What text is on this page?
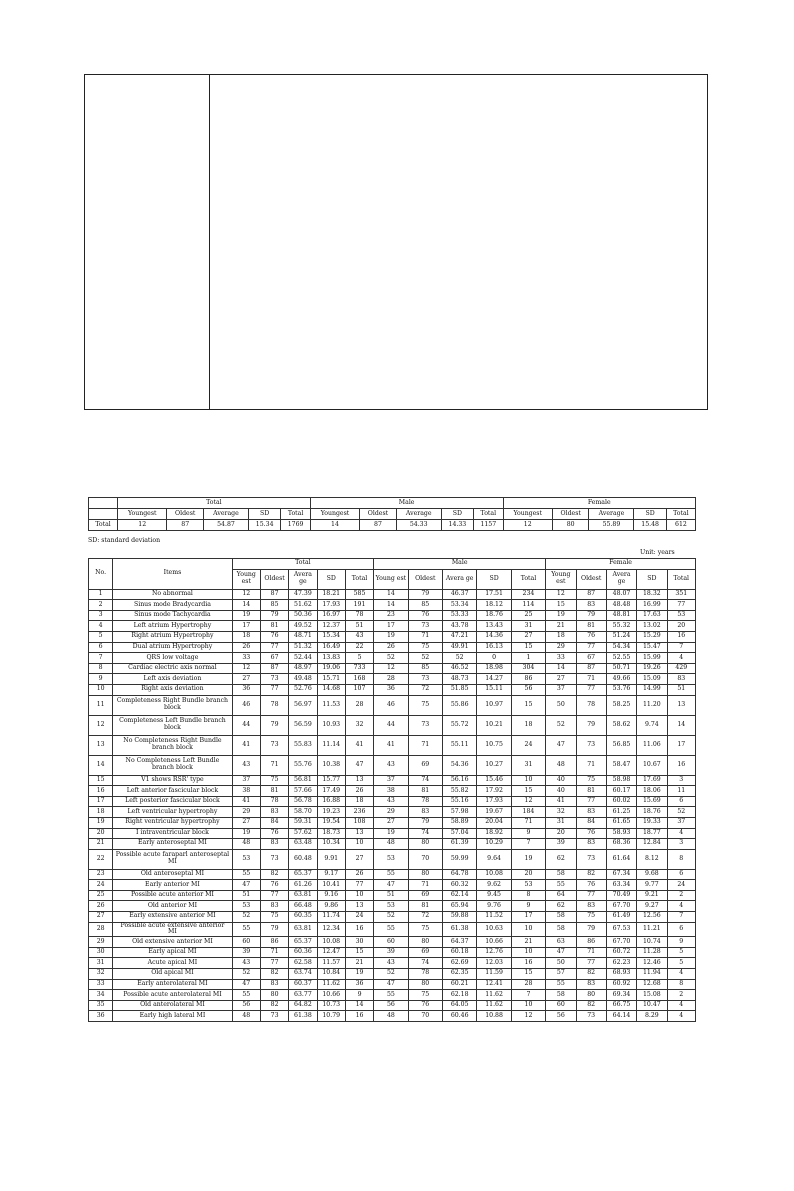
	Total					Male					Female				
	Youngest	Oldest	Average	SD	Total	Youngest	Oldest	Average	SD	Total	Youngest	Oldest	Average	SD	Total
Total	12	87	54.87	15.34	1769	14	87	54.33	14.33	1157	12	80	55.89	15.48	612
SD: standard deviation
Unit: years
No.	Items	Total					Male					Female				
		Young est	Oldest	Avera ge	SD	Total	Young est	Oldest	Avera ge	SD	Total	Young est	Oldest	Avera ge	SD	Total
1	No abnormal	12	87	47.39	18.21	585	14	79	46.37	17.51	234	12	87	48.07	18.32	351
2	Sinus mode Bradycardia	14	85	51.62	17.93	191	14	85	53.34	18.12	114	15	83	48.48	16.99	77
3	Sinus mode Tachycardia	19	79	50.36	16.97	78	23	76	53.33	18.76	25	19	79	48.81	17.63	53
4	Left atrium Hypertrophy	17	81	49.52	12.37	51	17	73	43.78	13.43	31	21	81	55.32	13.02	20
5	Right atrium Hypertrophy	18	76	48.71	15.34	43	19	71	47.21	14.36	27	18	76	51.24	15.29	16
6	Dual atrium Hypertrophy	26	77	51.32	16.49	22	26	75	49.91	16.13	15	29	77	54.34	15.47	7
7	QRS low voltage	33	67	52.44	13.83	5	52	52	52	0	1	33	67	52.55	15.99	4
8	Cardiac electric axis normal	12	87	48.97	19.06	733	12	85	46.52	18.98	304	14	87	50.71	19.26	429
9	Left axis deviation	27	73	49.48	15.71	168	28	73	48.73	14.27	86	27	71	49.66	15.09	83
10	Right axis deviation	36	77	52.76	14.68	107	36	72	51.85	15.11	56	37	77	53.76	14.99	51
11	Completeness Right Bundle branch block	46	78	56.97	11.53	28	46	75	55.86	10.97	15	50	78	58.25	11.20	13
12	Completeness Left Bundle branch block	44	79	56.59	10.93	32	44	73	55.72	10.21	18	52	79	58.62	9.74	14
13	No Completeness Right Bundle branch block	41	73	55.83	11.14	41	41	71	55.11	10.75	24	47	73	56.85	11.06	17
14	No Completeness Left Bundle branch block	43	71	55.76	10.38	47	43	69	54.36	10.27	31	48	71	58.47	10.67	16
15	V1 shows RSR' type	37	75	56.81	15.77	13	37	74	56.16	15.46	10	40	75	58.98	17.69	3
16	Left anterior fascicular block	38	81	57.66	17.49	26	38	81	55.82	17.92	15	40	81	60.17	18.06	11
17	Left posterior fascicular block	41	78	56.78	16.88	18	43	78	55.16	17.93	12	41	77	60.02	15.69	6
18	Left ventricular hypertrophy	29	83	58.70	19.23	236	29	83	57.98	19.67	184	32	83	61.25	18.76	52
19	Right ventricular hypertrophy	27	84	59.31	19.54	108	27	79	58.89	20.04	71	31	84	61.65	19.33	37
20	I intraventricular block	19	76	57.62	18.73	13	19	74	57.04	18.92	9	20	76	58.93	18.77	4
21	Early anteroseptal MI	48	83	63.48	10.34	10	48	80	61.39	10.29	7	39	83	68.36	12.84	3
22	Possible acute faraparl anteroseptal MI	53	73	60.48	9.91	27	53	70	59.99	9.64	19	62	73	61.64	8.12	8
23	Old anteroseptal MI	55	82	65.37	9.17	26	55	80	64.78	10.08	20	58	82	67.34	9.68	6
24	Early anterior MI	47	76	61.26	10.41	77	47	71	60.32	9.62	53	55	76	63.34	9.77	24
25	Possible acute anterior MI	51	77	63.81	9.16	10	51	69	62.14	9.45	8	64	77	70.49	9.21	2
26	Old anterior MI	53	83	66.48	9.86	13	53	81	65.94	9.76	9	62	83	67.70	9.27	4
27	Early extensive anterior MI	52	75	60.35	11.74	24	52	72	59.88	11.52	17	58	75	61.49	12.56	7
28	Possible acute extensive anterior MI	55	79	63.81	12.34	16	55	75	61.38	10.63	10	58	79	67.53	11.21	6
29	Old extensive anterior MI	60	86	65.37	10.08	30	60	80	64.37	10.66	21	63	86	67.70	10.74	9
30	Early apical MI	39	71	60.36	12.47	15	39	69	60.18	12.76	10	47	71	60.72	11.28	5
31	Acute apical MI	43	77	62.58	11.57	21	43	74	62.69	12.03	16	50	77	62.23	12.46	5
32	Old apical MI	52	82	63.74	10.84	19	52	78	62.35	11.59	15	57	82	68.93	11.94	4
33	Early anterolateral MI	47	83	60.37	11.62	36	47	80	60.21	12.41	28	55	83	60.92	12.68	8
34	Possible acute anterolateral MI	55	80	63.77	10.66	9	55	75	62.18	11.62	7	58	80	69.34	15.08	2
35	Old anterolateral MI	56	82	64.82	10.73	14	56	76	64.05	11.62	10	60	82	66.75	10.47	4
36	Early high lateral MI	48	73	61.38	10.79	16	48	70	60.46	10.88	12	56	73	64.14	8.29	4
